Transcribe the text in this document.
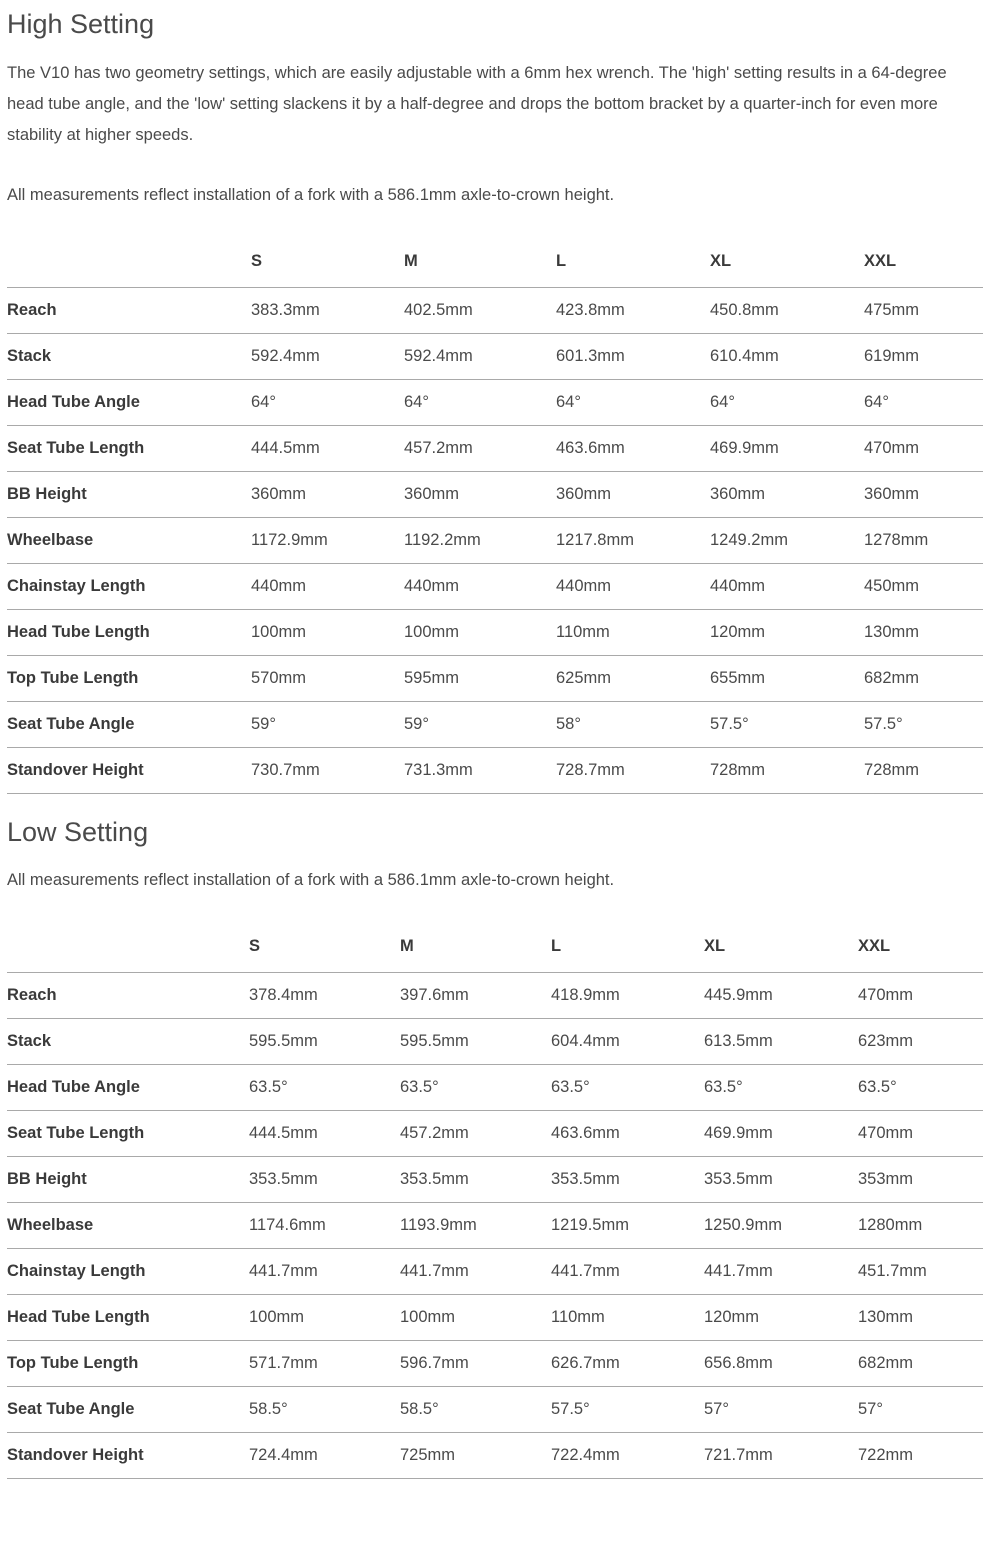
High Setting

The V10 has two geometry settings, which are easily adjustable with a 6mm hex wrench. The 'high' setting results in a 64-degree head tube angle, and the 'low' setting slackens it by a half-degree and drops the bottom bracket by a quarter-inch for even more stability at higher speeds.

All measurements reflect installation of a fork with a 586.1mm axle-to-crown height.

	S	M	L	XL	XXL
Reach	383.3mm	402.5mm	423.8mm	450.8mm	475mm
Stack	592.4mm	592.4mm	601.3mm	610.4mm	619mm
Head Tube Angle	64°	64°	64°	64°	64°
Seat Tube Length	444.5mm	457.2mm	463.6mm	469.9mm	470mm
BB Height	360mm	360mm	360mm	360mm	360mm
Wheelbase	1172.9mm	1192.2mm	1217.8mm	1249.2mm	1278mm
Chainstay Length	440mm	440mm	440mm	440mm	450mm
Head Tube Length	100mm	100mm	110mm	120mm	130mm
Top Tube Length	570mm	595mm	625mm	655mm	682mm
Seat Tube Angle	59°	59°	58°	57.5°	57.5°
Standover Height	730.7mm	731.3mm	728.7mm	728mm	728mm
Low Setting

All measurements reflect installation of a fork with a 586.1mm axle-to-crown height.

	S	M	L	XL	XXL
Reach	378.4mm	397.6mm	418.9mm	445.9mm	470mm
Stack	595.5mm	595.5mm	604.4mm	613.5mm	623mm
Head Tube Angle	63.5°	63.5°	63.5°	63.5°	63.5°
Seat Tube Length	444.5mm	457.2mm	463.6mm	469.9mm	470mm
BB Height	353.5mm	353.5mm	353.5mm	353.5mm	353mm
Wheelbase	1174.6mm	1193.9mm	1219.5mm	1250.9mm	1280mm
Chainstay Length	441.7mm	441.7mm	441.7mm	441.7mm	451.7mm
Head Tube Length	100mm	100mm	110mm	120mm	130mm
Top Tube Length	571.7mm	596.7mm	626.7mm	656.8mm	682mm
Seat Tube Angle	58.5°	58.5°	57.5°	57°	57°
Standover Height	724.4mm	725mm	722.4mm	721.7mm	722mm
